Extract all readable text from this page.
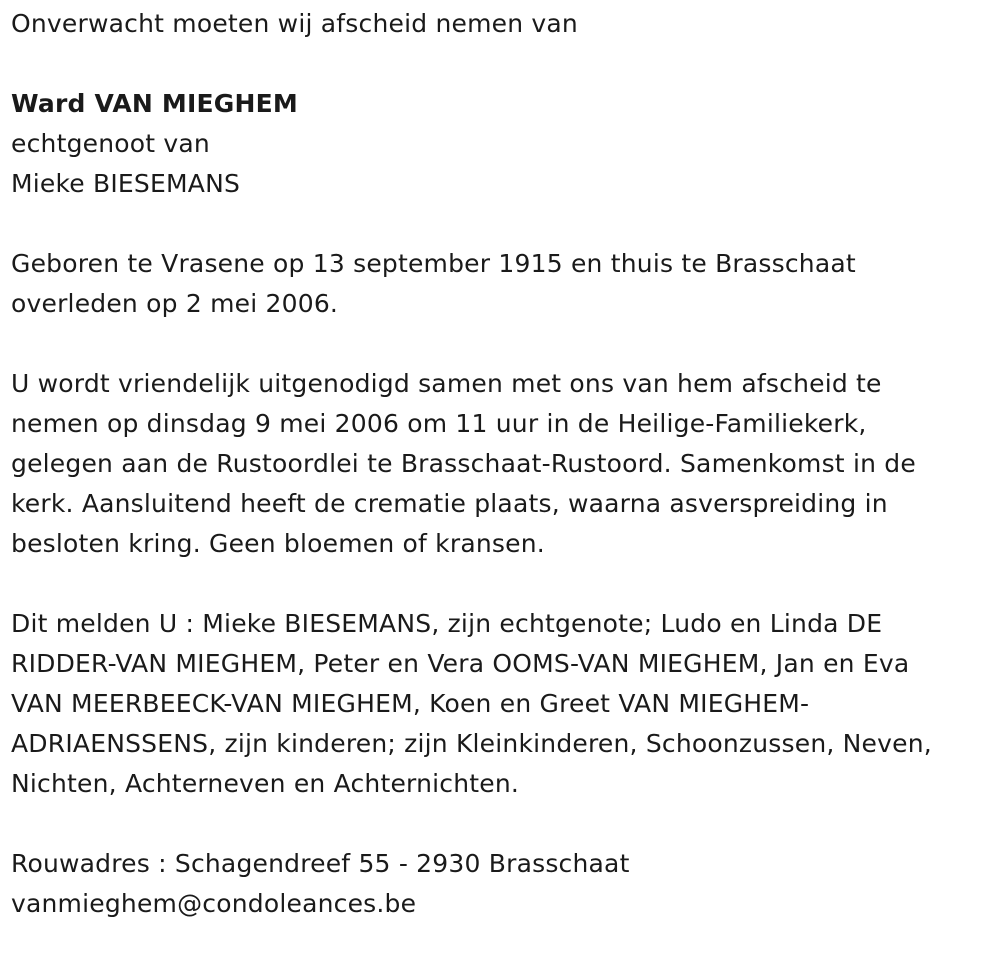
Onverwacht moeten wij afscheid nemen van
Ward VAN MIEGHEM
echtgenoot van
Mieke BIESEMANS
Geboren te Vrasene op 13 september 1915 en thuis te Brasschaat
overleden op 2 mei 2006.
U wordt vriendelijk uitgenodigd samen met ons van hem afscheid te
nemen op dinsdag 9 mei 2006 om 11 uur in de Heilige-Familiekerk,
gelegen aan de Rustoordlei te Brasschaat-Rustoord. Samenkomst in de
kerk. Aansluitend heeft de crematie plaats, waarna asverspreiding in
besloten kring. Geen bloemen of kransen.
Dit melden U : Mieke BIESEMANS, zijn echtgenote; Ludo en Linda DE
RIDDER-VAN MIEGHEM, Peter en Vera OOMS-VAN MIEGHEM, Jan en Eva
VAN MEERBEECK-VAN MIEGHEM, Koen en Greet VAN MIEGHEM-
ADRIAENSSENS, zijn kinderen; zijn Kleinkinderen, Schoonzussen, Neven,
Nichten, Achterneven en Achternichten.
Rouwadres : Schagendreef 55 - 2930 Brasschaat
vanmieghem@condoleances.be
